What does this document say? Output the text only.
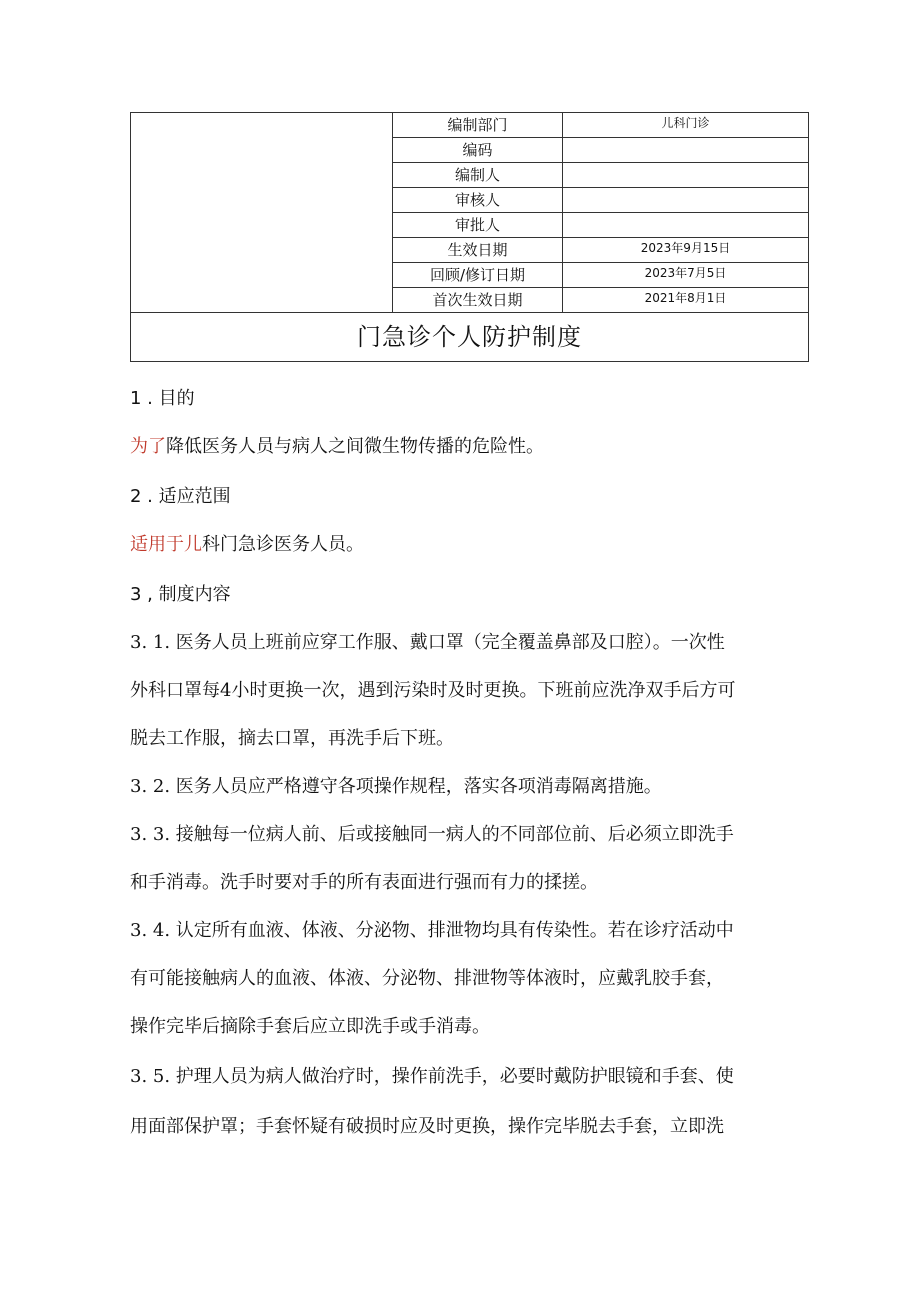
	编制部门	儿科门诊
	编码	
	编制人	
	审核人	
	审批人	
	生效日期	2023年9月15日
	回顾/修订日期	2023年7月5日
	首次生效日期	2021年8月1日
门急诊个人防护制度		
1 . 目的
为了降低医务人员与病人之间微生物传播的危险性。
2 . 适应范围
适用于儿科门急诊医务人员。
3 , 制度内容
3. 1. 医务人员上班前应穿工作服、戴口罩（完全覆盖鼻部及口腔）。一次性
外科口罩每4小时更换一次，遇到污染时及时更换。下班前应洗净双手后方可
脱去工作服，摘去口罩，再洗手后下班。
3. 2. 医务人员应严格遵守各项操作规程，落实各项消毒隔离措施。
3. 3. 接触每一位病人前、后或接触同一病人的不同部位前、后必须立即洗手
和手消毒。洗手时要对手的所有表面进行强而有力的揉搓。
3. 4. 认定所有血液、体液、分泌物、排泄物均具有传染性。若在诊疗活动中
有可能接触病人的血液、体液、分泌物、排泄物等体液时，应戴乳胶手套，
操作完毕后摘除手套后应立即洗手或手消毒。
3. 5. 护理人员为病人做治疗时，操作前洗手，必要时戴防护眼镜和手套、使
用面部保护罩；手套怀疑有破损时应及时更换，操作完毕脱去手套，立即洗
